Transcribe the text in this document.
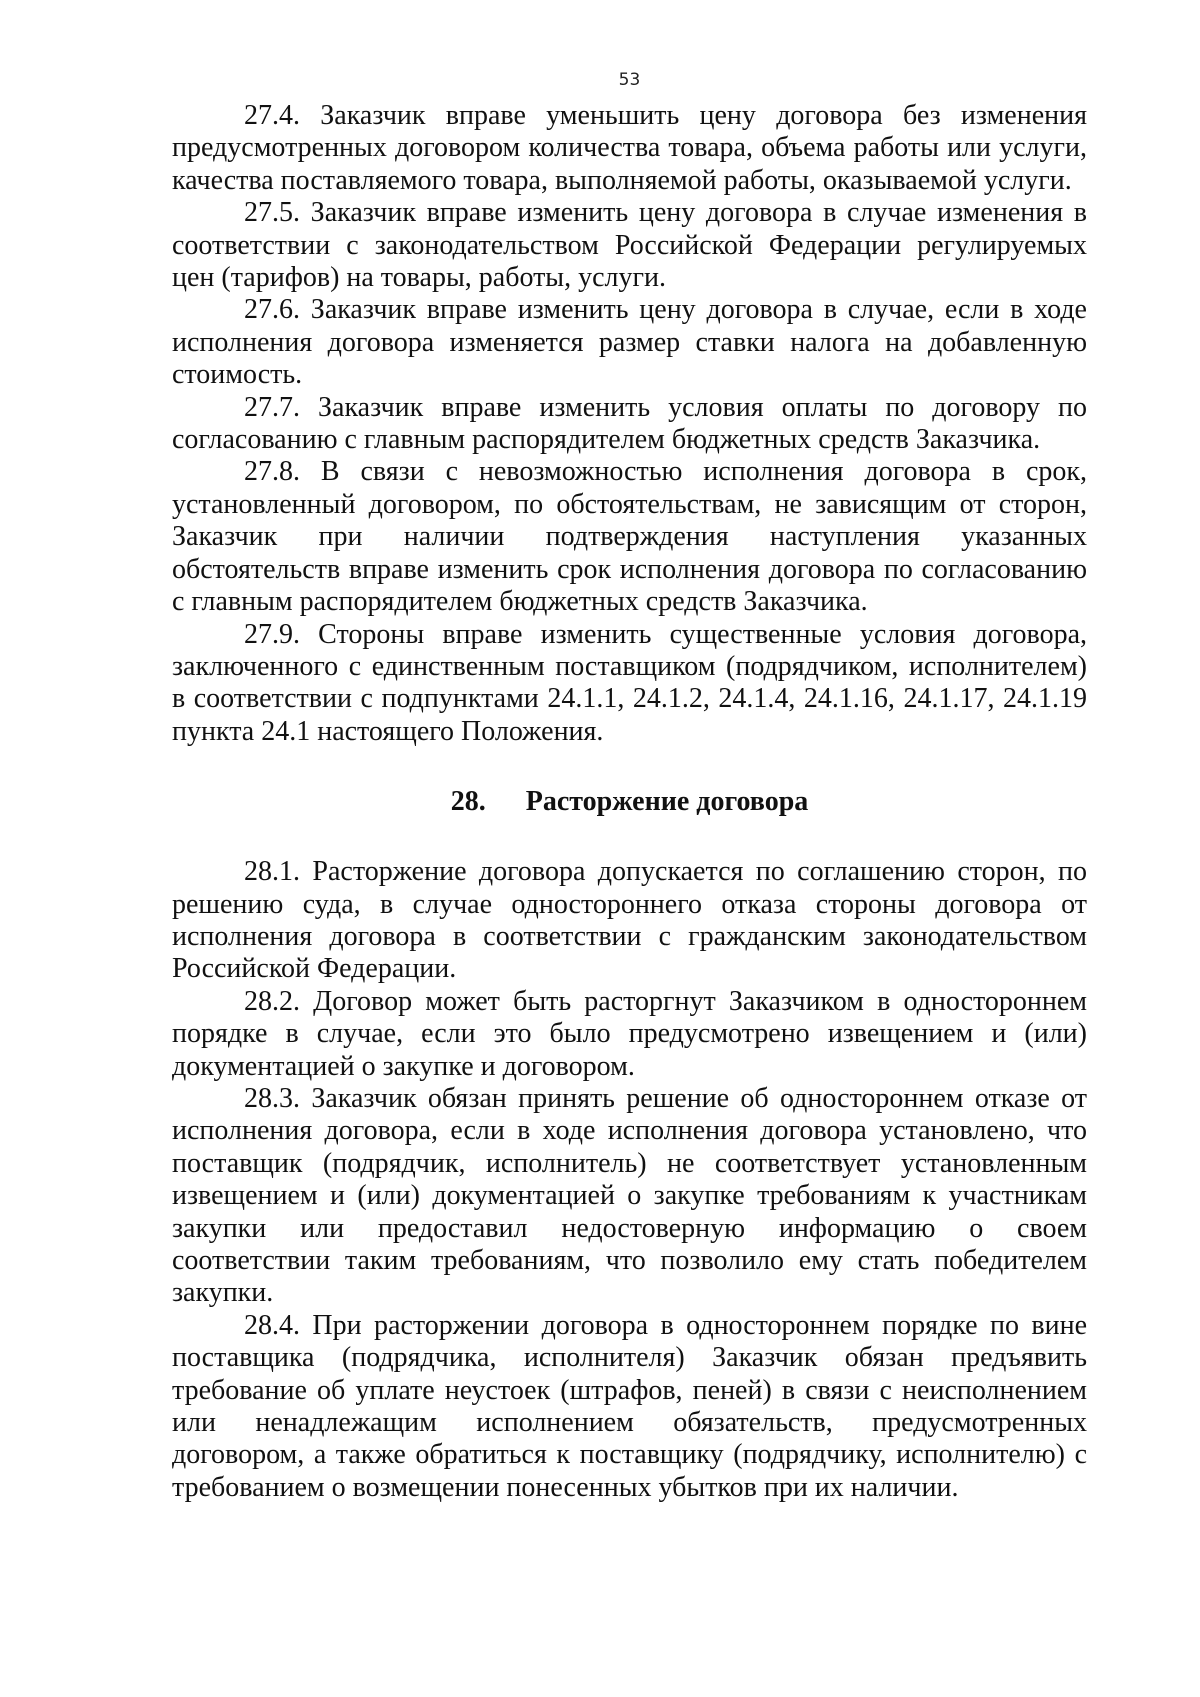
53

27.4. Заказчик вправе уменьшить цену договора без изменения предусмотренных договором количества товара, объема работы или услуги, качества поставляемого товара, выполняемой работы, оказываемой услуги.

27.5. Заказчик вправе изменить цену договора в случае изменения в соответствии с законодательством Российской Федерации регулируемых цен (тарифов) на товары, работы, услуги.

27.6. Заказчик вправе изменить цену договора в случае, если в ходе исполнения договора изменяется размер ставки налога на добавленную стоимость.

27.7. Заказчик вправе изменить условия оплаты по договору по согласованию с главным распорядителем бюджетных средств Заказчика.

27.8. В связи с невозможностью исполнения договора в срок, установленный договором, по обстоятельствам, не зависящим от сторон, Заказчик при наличии подтверждения наступления указанных обстоятельств вправе изменить срок исполнения договора по согласованию с главным распорядителем бюджетных средств Заказчика.

27.9. Стороны вправе изменить существенные условия договора, заключенного с единственным поставщиком (подрядчиком, исполнителем) в соответствии с подпунктами 24.1.1, 24.1.2, 24.1.4, 24.1.16, 24.1.17, 24.1.19 пункта 24.1 настоящего Положения.

28. Расторжение договора

28.1. Расторжение договора допускается по соглашению сторон, по решению суда, в случае одностороннего отказа стороны договора от исполнения договора в соответствии с гражданским законодательством Российской Федерации.

28.2. Договор может быть расторгнут Заказчиком в одностороннем порядке в случае, если это было предусмотрено извещением и (или) документацией о закупке и договором.

28.3. Заказчик обязан принять решение об одностороннем отказе от исполнения договора, если в ходе исполнения договора установлено, что поставщик (подрядчик, исполнитель) не соответствует установленным извещением и (или) документацией о закупке требованиям к участникам закупки или предоставил недостоверную информацию о своем соответствии таким требованиям, что позволило ему стать победителем закупки.

28.4. При расторжении договора в одностороннем порядке по вине поставщика (подрядчика, исполнителя) Заказчик обязан предъявить требование об уплате неустоек (штрафов, пеней) в связи с неисполнением или ненадлежащим исполнением обязательств, предусмотренных договором, а также обратиться к поставщику (подрядчику, исполнителю) с требованием о возмещении понесенных убытков при их наличии.
